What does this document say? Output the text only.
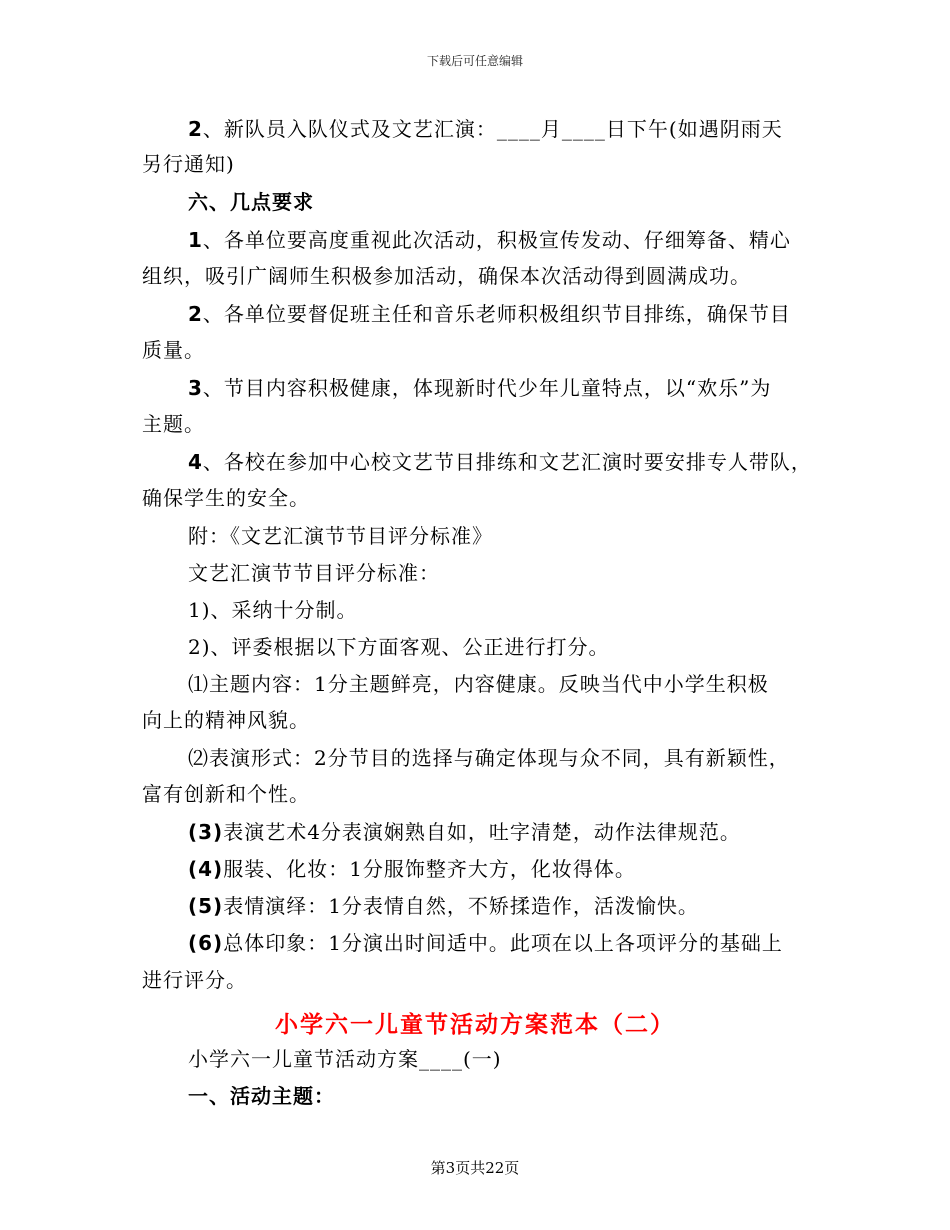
下载后可任意编辑
2、新队员入队仪式及文艺汇演：____月____日下午(如遇阴雨天
另行通知)
六、几点要求
1、各单位要高度重视此次活动，积极宣传发动、仔细筹备、精心
组织，吸引广阔师生积极参加活动，确保本次活动得到圆满成功。
2、各单位要督促班主任和音乐老师积极组织节目排练，确保节目
质量。
3、节目内容积极健康，体现新时代少年儿童特点，以“欢乐”为
主题。
4、各校在参加中心校文艺节目排练和文艺汇演时要安排专人带队，
确保学生的安全。
附：《文艺汇演节节目评分标准》
文艺汇演节节目评分标准：
1)、采纳十分制。
2)、评委根据以下方面客观、公正进行打分。
⑴主题内容：1分主题鲜亮，内容健康。反映当代中小学生积极
向上的精神风貌。
⑵表演形式：2分节目的选择与确定体现与众不同，具有新颖性，
富有创新和个性。
(3)表演艺术4分表演娴熟自如，吐字清楚，动作法律规范。
(4)服装、化妆：1分服饰整齐大方，化妆得体。
(5)表情演绎：1分表情自然，不矫揉造作，活泼愉快。
(6)总体印象：1分演出时间适中。此项在以上各项评分的基础上
进行评分。
小学六一儿童节活动方案范本（二）
小学六一儿童节活动方案____(一)
一、活动主题：
第3页共22页
